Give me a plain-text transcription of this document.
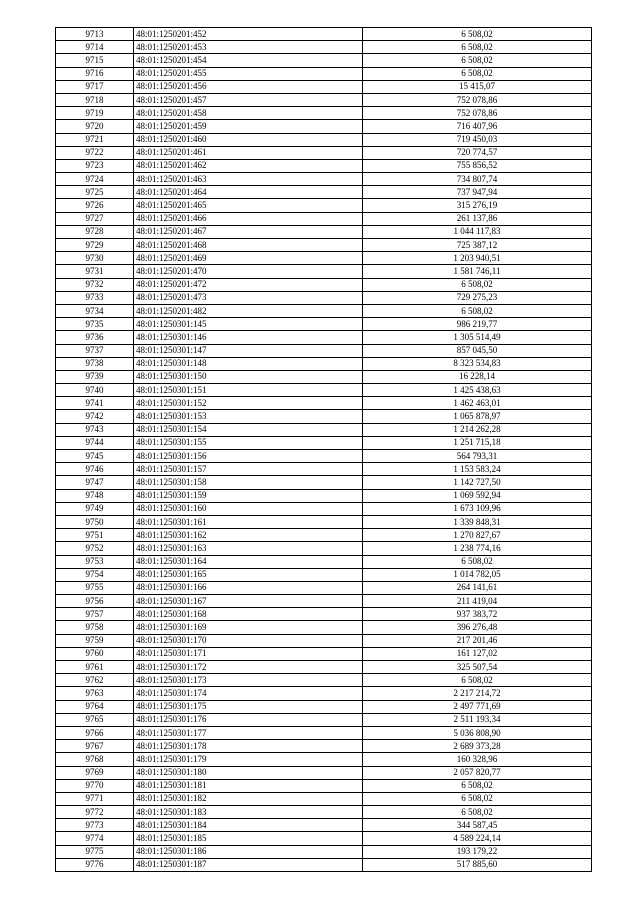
9713	48:01:1250201:452	6 508,02
9714	48:01:1250201:453	6 508,02
9715	48:01:1250201:454	6 508,02
9716	48:01:1250201:455	6 508,02
9717	48:01:1250201:456	15 415,07
9718	48:01:1250201:457	752 078,86
9719	48:01:1250201:458	752 078,86
9720	48:01:1250201:459	716 407,96
9721	48:01:1250201:460	719 450,03
9722	48:01:1250201:461	720 774,57
9723	48:01:1250201:462	755 856,52
9724	48:01:1250201:463	734 807,74
9725	48:01:1250201:464	737 947,94
9726	48:01:1250201:465	315 276,19
9727	48:01:1250201:466	261 137,86
9728	48:01:1250201:467	1 044 117,83
9729	48:01:1250201:468	725 387,12
9730	48:01:1250201:469	1 203 940,51
9731	48:01:1250201:470	1 581 746,11
9732	48:01:1250201:472	6 508,02
9733	48:01:1250201:473	729 275,23
9734	48:01:1250201:482	6 508,02
9735	48:01:1250301:145	986 219,77
9736	48:01:1250301:146	1 305 514,49
9737	48:01:1250301:147	857 045,50
9738	48:01:1250301:148	8 323 534,83
9739	48:01:1250301:150	16 228,14
9740	48:01:1250301:151	1 425 438,63
9741	48:01:1250301:152	1 462 463,01
9742	48:01:1250301:153	1 065 878,97
9743	48:01:1250301:154	1 214 262,28
9744	48:01:1250301:155	1 251 715,18
9745	48:01:1250301:156	564 793,31
9746	48:01:1250301:157	1 153 583,24
9747	48:01:1250301:158	1 142 727,50
9748	48:01:1250301:159	1 069 592,94
9749	48:01:1250301:160	1 673 109,96
9750	48:01:1250301:161	1 339 848,31
9751	48:01:1250301:162	1 270 827,67
9752	48:01:1250301:163	1 238 774,16
9753	48:01:1250301:164	6 508,02
9754	48:01:1250301:165	1 014 782,05
9755	48:01:1250301:166	264 141,61
9756	48:01:1250301:167	211 419,04
9757	48:01:1250301:168	937 383,72
9758	48:01:1250301:169	396 276,48
9759	48:01:1250301:170	217 201,46
9760	48:01:1250301:171	161 127,02
9761	48:01:1250301:172	325 507,54
9762	48:01:1250301:173	6 508,02
9763	48:01:1250301:174	2 217 214,72
9764	48:01:1250301:175	2 497 771,69
9765	48:01:1250301:176	2 511 193,34
9766	48:01:1250301:177	5 036 808,90
9767	48:01:1250301:178	2 689 373,28
9768	48:01:1250301:179	160 328,96
9769	48:01:1250301:180	2 057 820,77
9770	48:01:1250301:181	6 508,02
9771	48:01:1250301:182	6 508,02
9772	48:01:1250301:183	6 508,02
9773	48:01:1250301:184	344 587,45
9774	48:01:1250301:185	4 589 224,14
9775	48:01:1250301:186	193 179,22
9776	48:01:1250301:187	517 885,60
